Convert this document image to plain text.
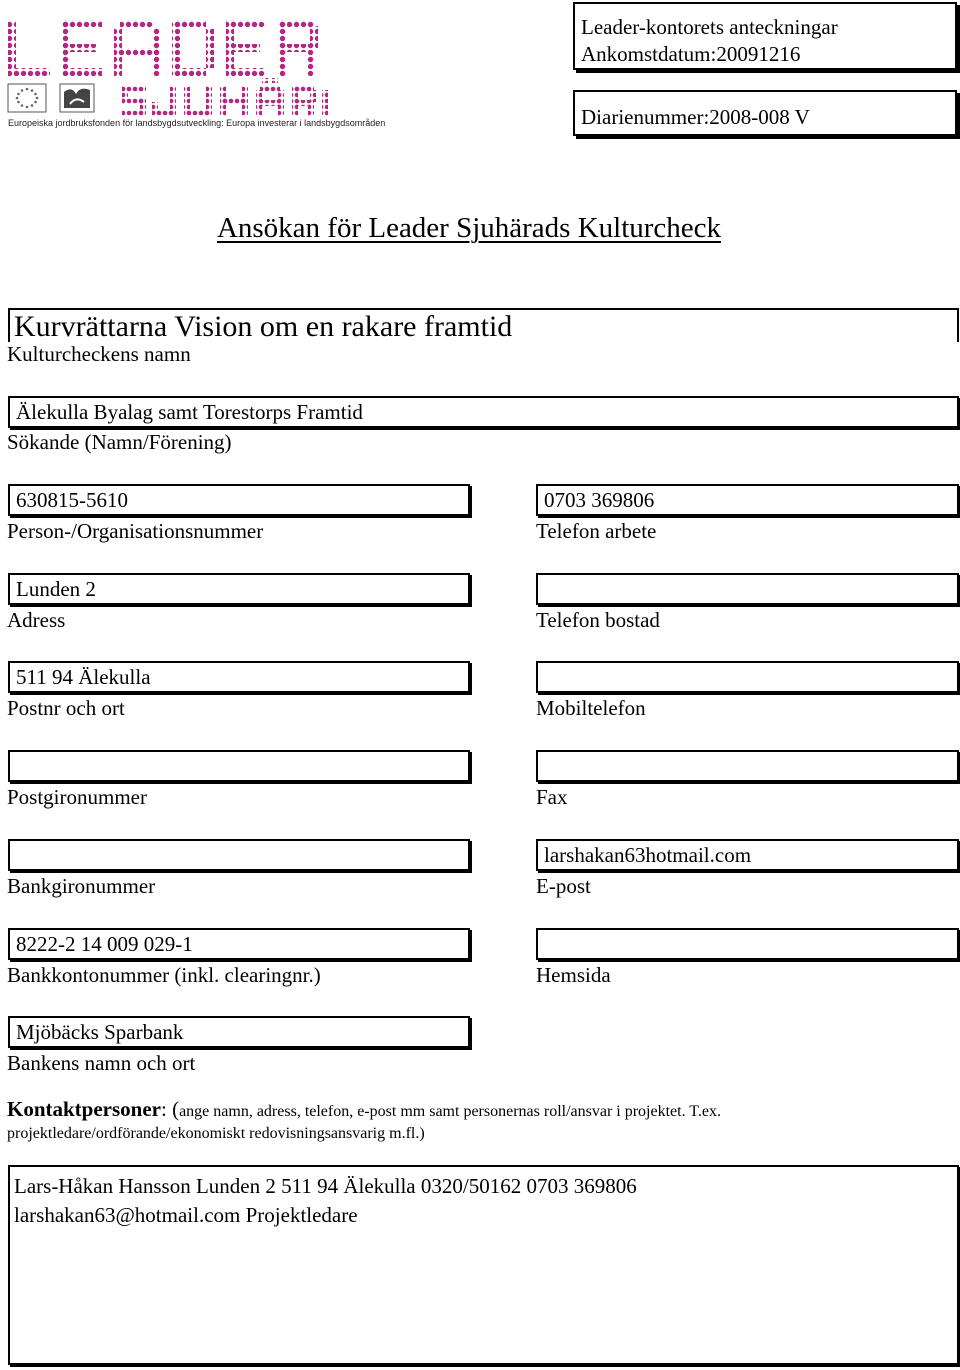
Europeiska jordbruksfonden för landsbygdsutveckling: Europa investerar i landsbygdsområden
Leader-kontorets anteckningar
Ankomstdatum:20091216
Diarienummer:2008-008 V
Ansökan för Leader Sjuhärads Kulturcheck
Kurvrättarna Vision om en rakare framtid
Kulturcheckens namn
Älekulla Byalag samt Torestorps Framtid
Sökande (Namn/Förening)
630815-5610
Person-/Organisationsnummer
Lunden 2
Adress
511 94 Älekulla
Postnr och ort
Postgironummer
Bankgironummer
8222-2 14 009 029-1
Bankkontonummer (inkl. clearingnr.)
Mjöbäcks Sparbank
Bankens namn och ort
0703 369806
Telefon arbete
Telefon bostad
Mobiltelefon
Fax
larshakan63hotmail.com
E-post
Hemsida
Kontaktpersoner: (ange namn, adress, telefon, e-post mm samt personernas roll/ansvar i projektet. T.ex.
projektledare/ordförande/ekonomiskt redovisningsansvarig m.fl.)
Lars-Håkan Hansson Lunden 2 511 94 Älekulla 0320/50162 0703 369806
larshakan63@hotmail.com Projektledare
